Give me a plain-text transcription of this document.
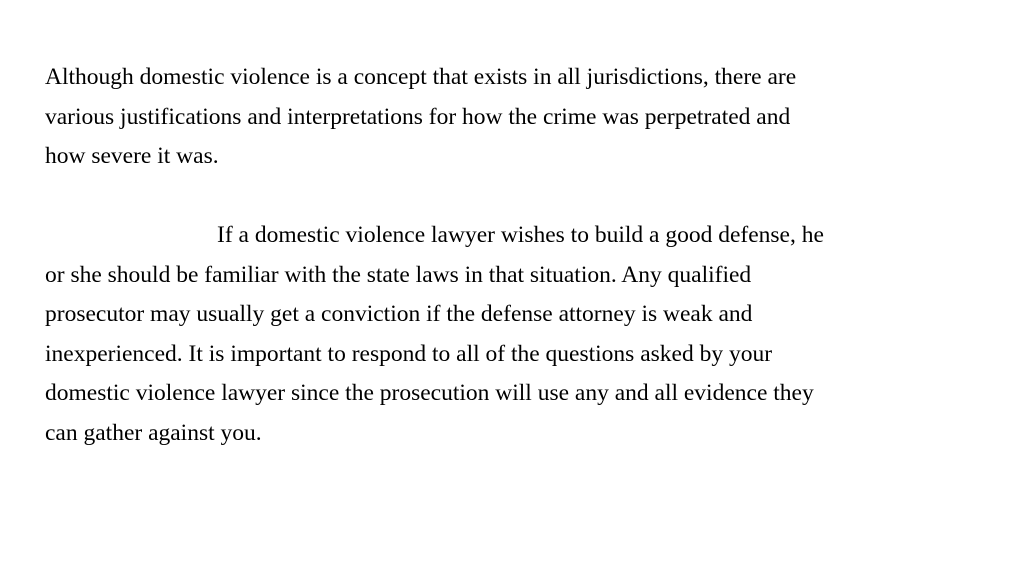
Although domestic violence is a concept that exists in all jurisdictions, there are
various justifications and interpretations for how the crime was perpetrated and
how severe it was.

If a domestic violence lawyer wishes to build a good defense, he
or she should be familiar with the state laws in that situation. Any qualified
prosecutor may usually get a conviction if the defense attorney is weak and
inexperienced. It is important to respond to all of the questions asked by your
domestic violence lawyer since the prosecution will use any and all evidence they
can gather against you.
